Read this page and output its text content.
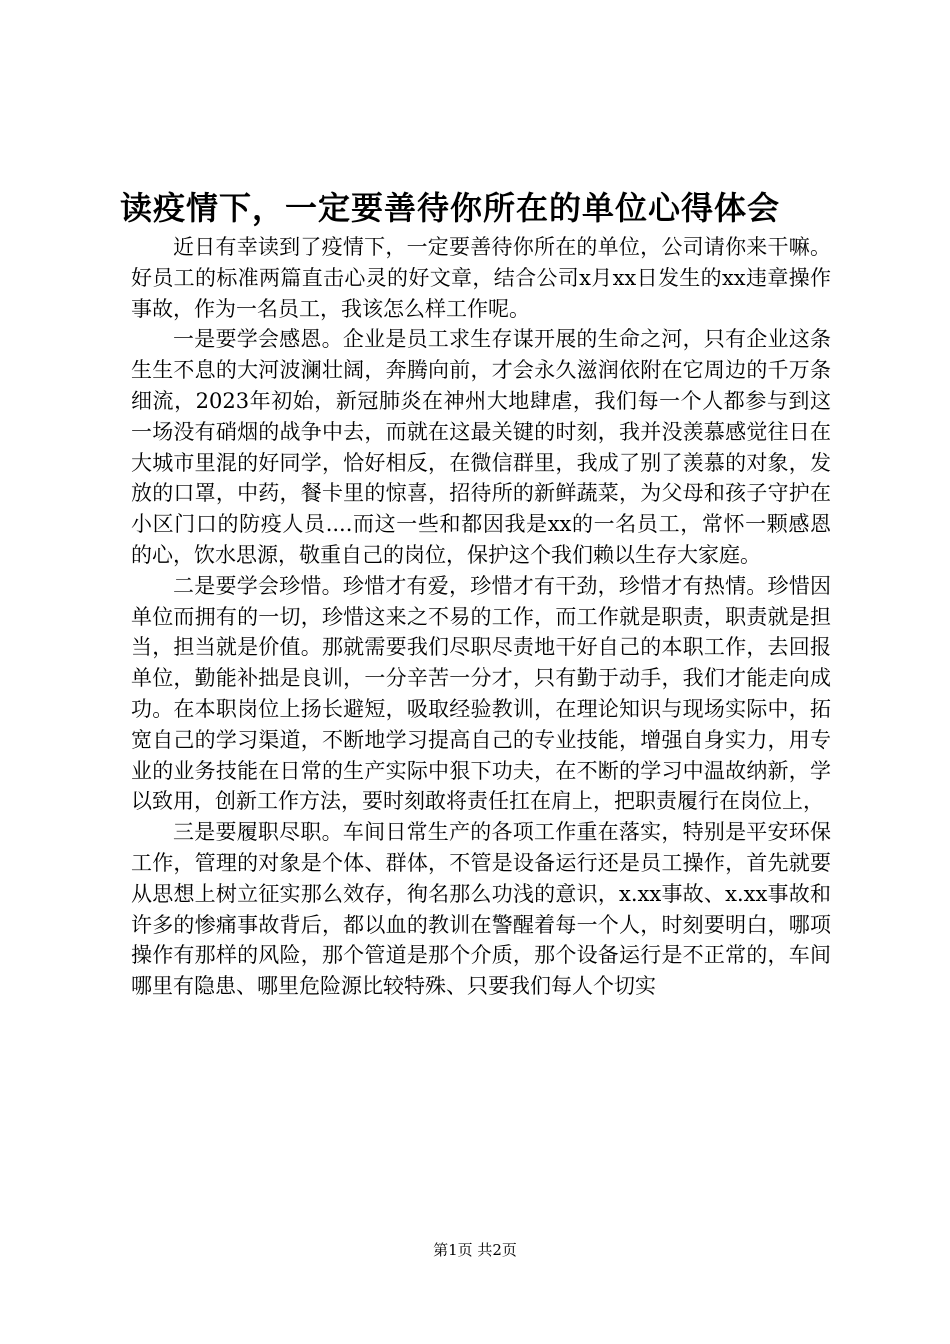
读疫情下，一定要善待你所在的单位心得体会

近日有幸读到了疫情下，一定要善待你所在的单位，公司请你来干嘛。好员工的标准两篇直击心灵的好文章，结合公司x月xx日发生的xx违章操作事故，作为一名员工，我该怎么样工作呢。

一是要学会感恩。企业是员工求生存谋开展的生命之河，只有企业这条生生不息的大河波澜壮阔，奔腾向前，才会永久滋润依附在它周边的千万条细流，2023年初始，新冠肺炎在神州大地肆虐，我们每一个人都参与到这一场没有硝烟的战争中去，而就在这最关键的时刻，我并没羡慕感觉往日在大城市里混的好同学，恰好相反，在微信群里，我成了别了羡慕的对象，发放的口罩，中药，餐卡里的惊喜，招待所的新鲜蔬菜，为父母和孩子守护在小区门口的防疫人员....而这一些和都因我是xx的一名员工，常怀一颗感恩的心，饮水思源，敬重自己的岗位，保护这个我们赖以生存大家庭。

二是要学会珍惜。珍惜才有爱，珍惜才有干劲，珍惜才有热情。珍惜因单位而拥有的一切，珍惜这来之不易的工作，而工作就是职责，职责就是担当，担当就是价值。那就需要我们尽职尽责地干好自己的本职工作，去回报单位，勤能补拙是良训，一分辛苦一分才，只有勤于动手，我们才能走向成功。在本职岗位上扬长避短，吸取经验教训，在理论知识与现场实际中，拓宽自己的学习渠道，不断地学习提高自己的专业技能，增强自身实力，用专业的业务技能在日常的生产实际中狠下功夫，在不断的学习中温故纳新，学以致用，创新工作方法，要时刻敢将责任扛在肩上，把职责履行在岗位上，

三是要履职尽职。车间日常生产的各项工作重在落实，特别是平安环保工作，管理的对象是个体、群体，不管是设备运行还是员工操作，首先就要从思想上树立征实那么效存，徇名那么功浅的意识，x.xx事故、x.xx事故和许多的惨痛事故背后，都以血的教训在警醒着每一个人，时刻要明白，哪项操作有那样的风险，那个管道是那个介质，那个设备运行是不正常的，车间哪里有隐患、哪里危险源比较特殊、只要我们每人个切实

第1页 共2页
